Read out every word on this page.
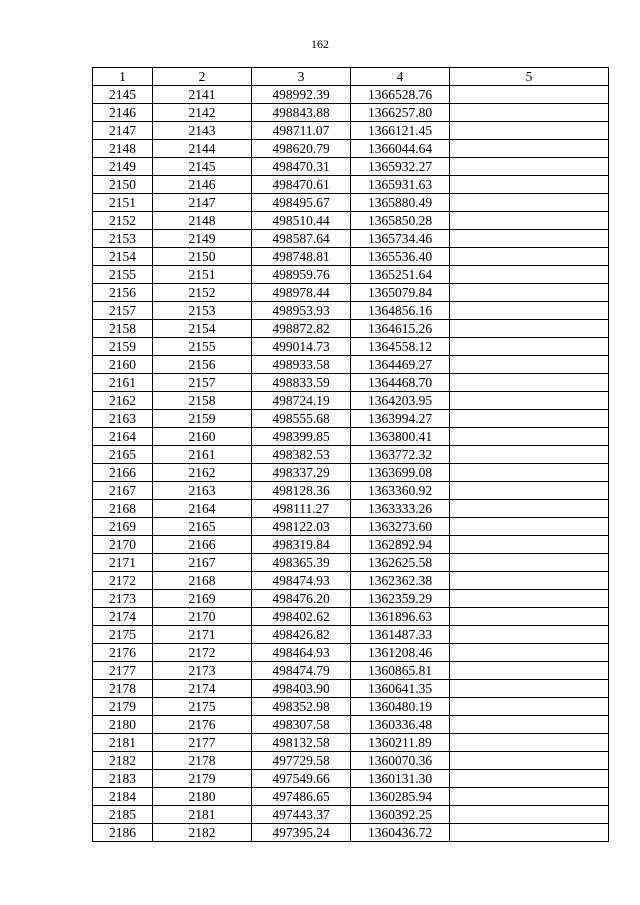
162
1	2	3	4	5
2145	2141	498992.39	1366528.76	
2146	2142	498843.88	1366257.80	
2147	2143	498711.07	1366121.45	
2148	2144	498620.79	1366044.64	
2149	2145	498470.31	1365932.27	
2150	2146	498470.61	1365931.63	
2151	2147	498495.67	1365880.49	
2152	2148	498510.44	1365850.28	
2153	2149	498587.64	1365734.46	
2154	2150	498748.81	1365536.40	
2155	2151	498959.76	1365251.64	
2156	2152	498978.44	1365079.84	
2157	2153	498953.93	1364856.16	
2158	2154	498872.82	1364615.26	
2159	2155	499014.73	1364558.12	
2160	2156	498933.58	1364469.27	
2161	2157	498833.59	1364468.70	
2162	2158	498724.19	1364203.95	
2163	2159	498555.68	1363994.27	
2164	2160	498399.85	1363800.41	
2165	2161	498382.53	1363772.32	
2166	2162	498337.29	1363699.08	
2167	2163	498128.36	1363360.92	
2168	2164	498111.27	1363333.26	
2169	2165	498122.03	1363273.60	
2170	2166	498319.84	1362892.94	
2171	2167	498365.39	1362625.58	
2172	2168	498474.93	1362362.38	
2173	2169	498476.20	1362359.29	
2174	2170	498402.62	1361896.63	
2175	2171	498426.82	1361487.33	
2176	2172	498464.93	1361208.46	
2177	2173	498474.79	1360865.81	
2178	2174	498403.90	1360641.35	
2179	2175	498352.98	1360480.19	
2180	2176	498307.58	1360336.48	
2181	2177	498132.58	1360211.89	
2182	2178	497729.58	1360070.36	
2183	2179	497549.66	1360131.30	
2184	2180	497486.65	1360285.94	
2185	2181	497443.37	1360392.25	
2186	2182	497395.24	1360436.72	
